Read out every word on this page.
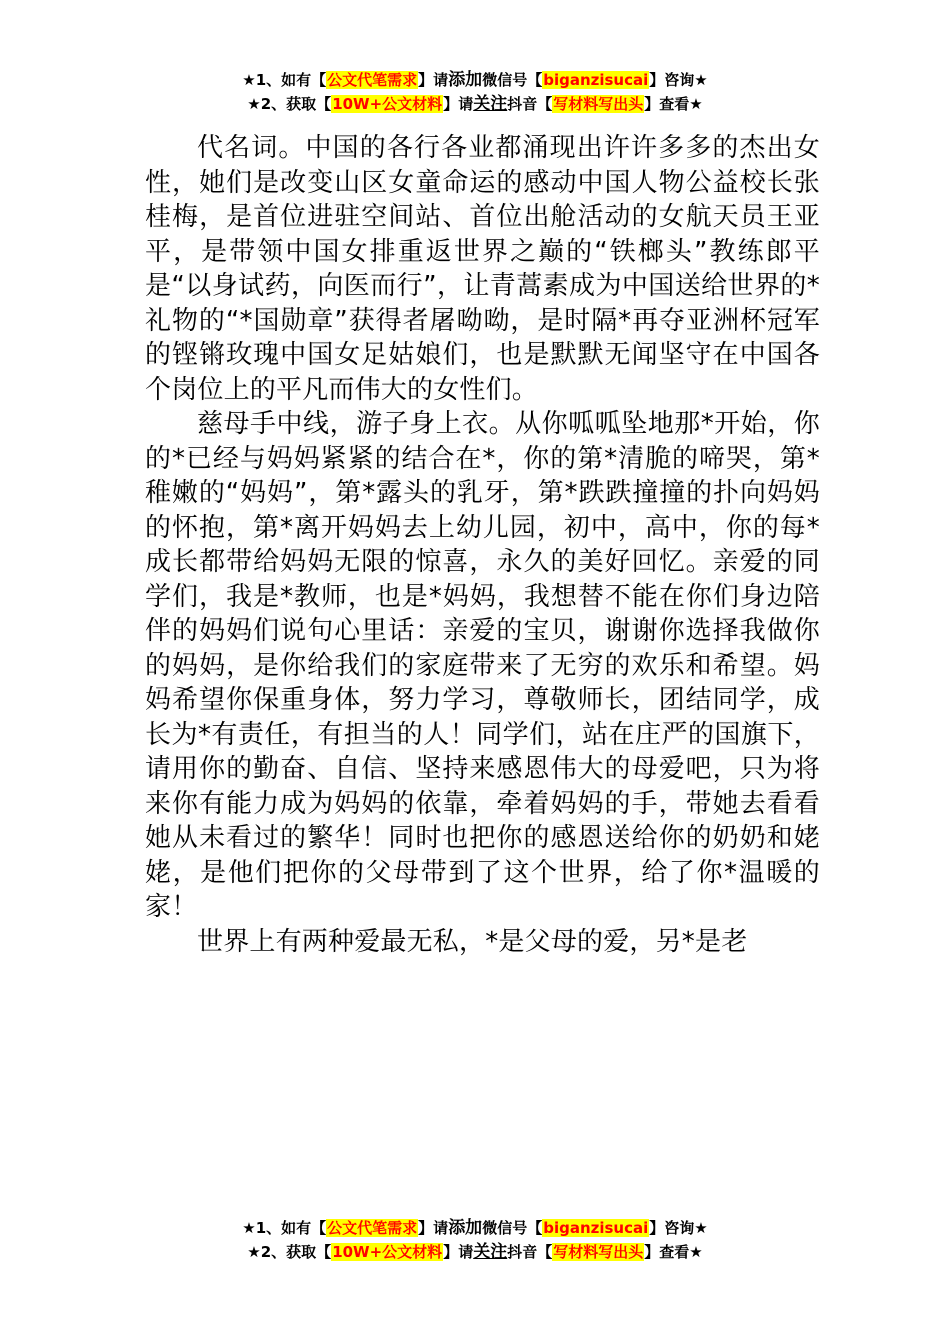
★1、如有【公文代笔需求】请添加微信号【biganzisucai】咨询★
★2、获取【10W+公文材料】请关注抖音【写材料写出头】查看★

代名词。中国的各行各业都涌现出许许多多的杰出女性，她们是改变山区女童命运的感动中国人物公益校长张桂梅，是首位进驻空间站、首位出舱活动的女航天员王亚平，是带领中国女排重返世界之巅的“铁榔头”教练郎平是“以身试药，向医而行”，让青蒿素成为中国送给世界的*礼物的“*国勋章”获得者屠呦呦，是时隔*再夺亚洲杯冠军的铿锵玫瑰中国女足姑娘们，也是默默无闻坚守在中国各个岗位上的平凡而伟大的女性们。

慈母手中线，游子身上衣。从你呱呱坠地那*开始，你的*已经与妈妈紧紧的结合在*，你的第*清脆的啼哭，第*稚嫩的“妈妈”，第*露头的乳牙，第*跌跌撞撞的扑向妈妈的怀抱，第*离开妈妈去上幼儿园，初中，高中，你的每*成长都带给妈妈无限的惊喜，永久的美好回忆。亲爱的同学们，我是*教师，也是*妈妈，我想替不能在你们身边陪伴的妈妈们说句心里话：亲爱的宝贝，谢谢你选择我做你的妈妈，是你给我们的家庭带来了无穷的欢乐和希望。妈妈希望你保重身体，努力学习，尊敬师长，团结同学，成长为*有责任，有担当的人！同学们，站在庄严的国旗下，请用你的勤奋、自信、坚持来感恩伟大的母爱吧，只为将来你有能力成为妈妈的依靠，牵着妈妈的手，带她去看看她从未看过的繁华！同时也把你的感恩送给你的奶奶和姥姥，是他们把你的父母带到了这个世界，给了你*温暖的家！

世界上有两种爱最无私，*是父母的爱，另*是老

★1、如有【公文代笔需求】请添加微信号【biganzisucai】咨询★
★2、获取【10W+公文材料】请关注抖音【写材料写出头】查看★
